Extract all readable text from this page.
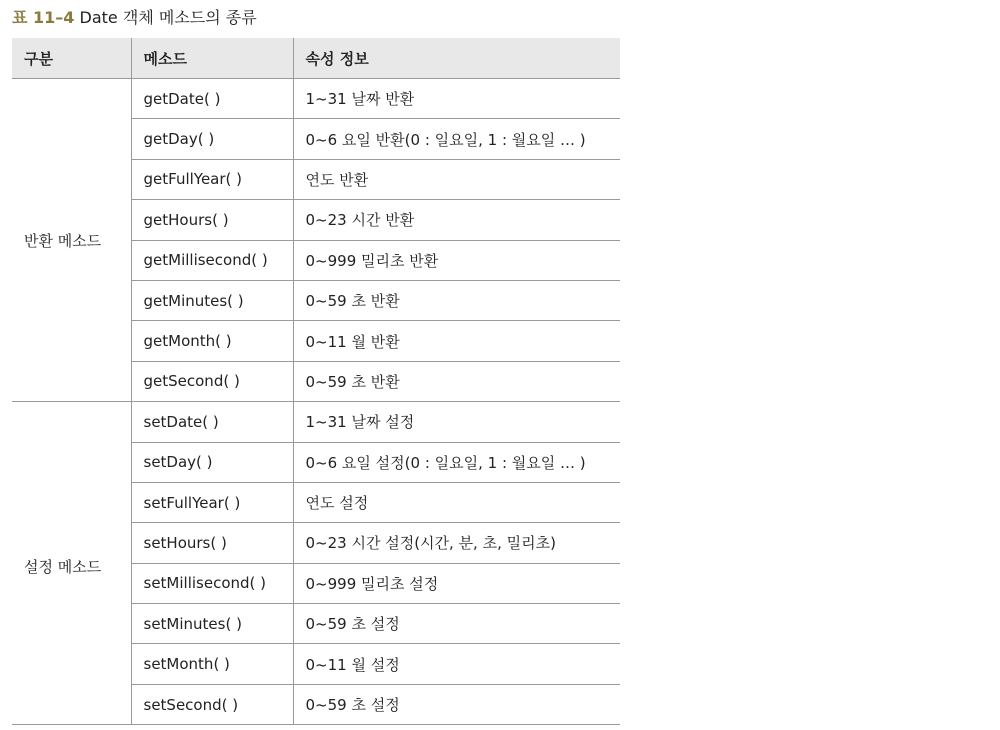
표 11–4 Date 객체 메소드의 종류
구분	메소드	속성 정보
반환 메소드	getDate( )	1~31 날짜 반환
	getDay( )	0~6 요일 반환(0 : 일요일, 1 : 월요일 … )
	getFullYear( )	연도 반환
	getHours( )	0~23 시간 반환
	getMillisecond( )	0~999 밀리초 반환
	getMinutes( )	0~59 초 반환
	getMonth( )	0~11 월 반환
	getSecond( )	0~59 초 반환
설정 메소드	setDate( )	1~31 날짜 설정
	setDay( )	0~6 요일 설정(0 : 일요일, 1 : 월요일 … )
	setFullYear( )	연도 설정
	setHours( )	0~23 시간 설정(시간, 분, 초, 밀리초)
	setMillisecond( )	0~999 밀리초 설정
	setMinutes( )	0~59 초 설정
	setMonth( )	0~11 월 설정
	setSecond( )	0~59 초 설정
